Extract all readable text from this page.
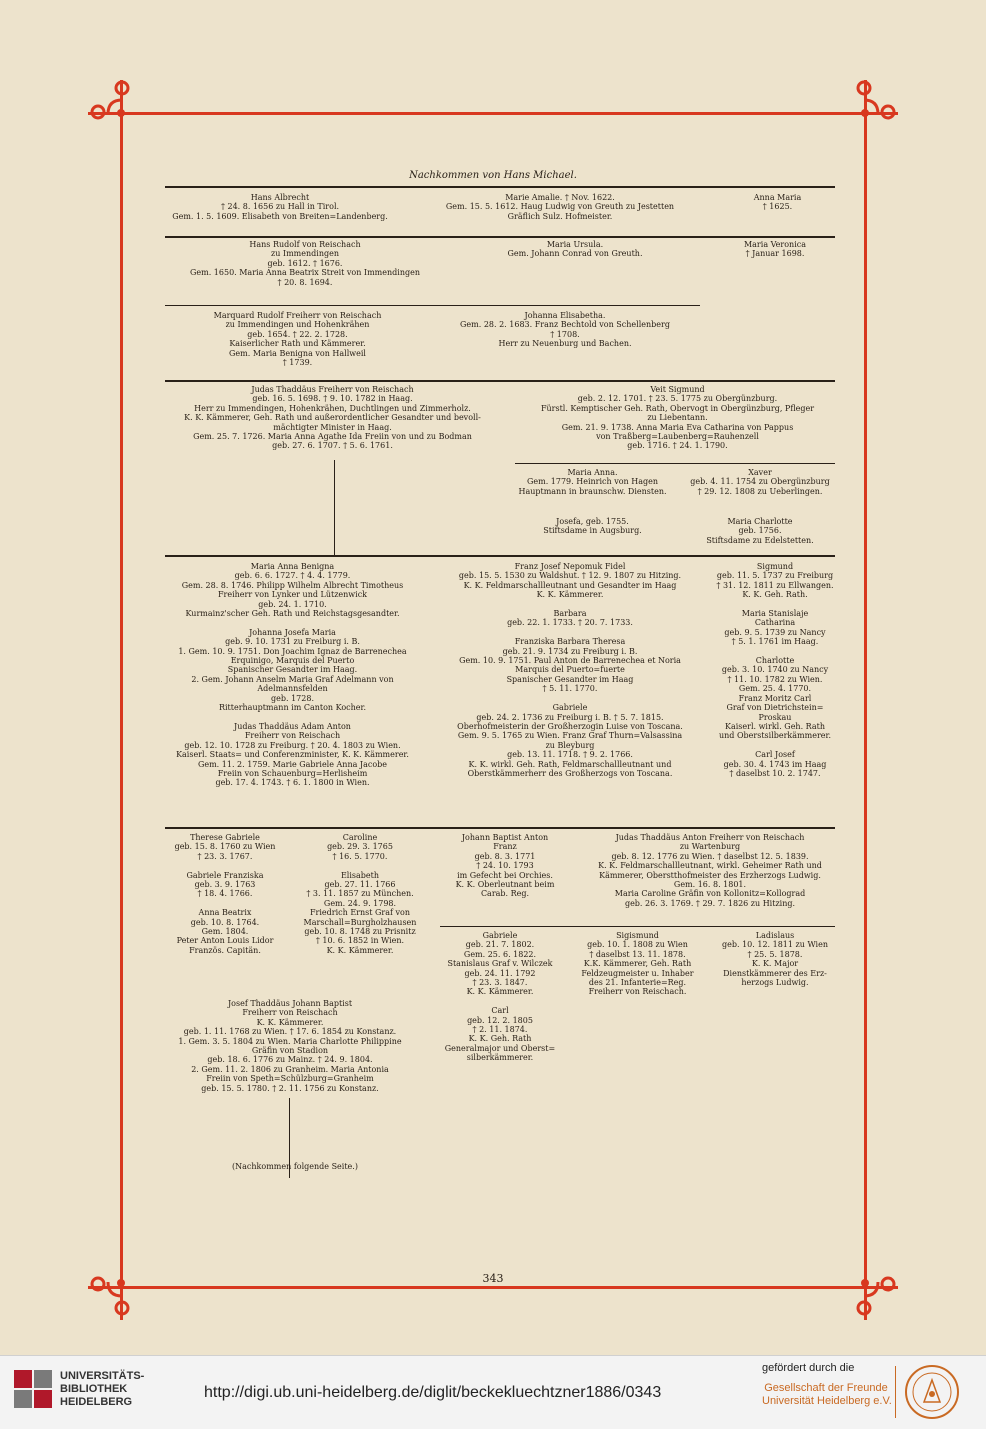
Nachkommen von Hans Michael.
Hans Albrecht
† 24. 8. 1656 zu Hall in Tirol.
Gem. 1. 5. 1609. Elisabeth von Breiten=Landenberg.
Marie Amalie. † Nov. 1622.
Gem. 15. 5. 1612. Haug Ludwig von Greuth zu Jestetten
Gräflich Sulz. Hofmeister.
Anna Maria
† 1625.
Hans Rudolf von Reischach
zu Immendingen
geb. 1612. † 1676.
Gem. 1650. Maria Anna Beatrix Streit von Immendingen
† 20. 8. 1694.
Maria Ursula.
Gem. Johann Conrad von Greuth.
Maria Veronica
† Januar 1698.
Marquard Rudolf Freiherr von Reischach
zu Immendingen und Hohenkrähen
geb. 1654. † 22. 2. 1728.
Kaiserlicher Rath und Kämmerer.
Gem. Maria Benigna von Hallweil
† 1739.
Johanna Elisabetha.
Gem. 28. 2. 1683. Franz Bechtold von Schellenberg
† 1708.
Herr zu Neuenburg und Bachen.
Judas Thaddäus Freiherr von Reischach
geb. 16. 5. 1698. † 9. 10. 1782 in Haag.
Herr zu Immendingen, Hohenkrähen, Duchtlingen und Zimmerholz.
K. K. Kämmerer, Geh. Rath und außerordentlicher Gesandter und bevoll-
mächtigter Minister in Haag.
Gem. 25. 7. 1726. Maria Anna Agathe Ida Freiin von und zu Bodman
geb. 27. 6. 1707. † 5. 6. 1761.
Veit Sigmund
geb. 2. 12. 1701. † 23. 5. 1775 zu Obergünzburg.
Fürstl. Kemptischer Geh. Rath, Obervogt in Obergünzburg, Pfleger
zu Liebentann.
Gem. 21. 9. 1738. Anna Maria Eva Catharina von Pappus
von Traßberg=Laubenberg=Rauhenzell
geb. 1716. † 24. 1. 1790.
Maria Anna.
Gem. 1779. Heinrich von Hagen
Hauptmann in braunschw. Diensten.
Xaver
geb. 4. 11. 1754 zu Obergünzburg
† 29. 12. 1808 zu Ueberlingen.
Josefa, geb. 1755.
Stiftsdame in Augsburg.
Maria Charlotte
geb. 1756.
Stiftsdame zu Edelstetten.
Maria Anna Benigna
geb. 6. 6. 1727. † 4. 4. 1779.
Gem. 28. 8. 1746. Philipp Wilhelm Albrecht Timotheus
Freiherr von Lynker und Lützenwick
geb. 24. 1. 1710.
Kurmainz'scher Geh. Rath und Reichstagsgesandter.

Johanna Josefa Maria
geb. 9. 10. 1731 zu Freiburg i. B.
1. Gem. 10. 9. 1751. Don Joachim Ignaz de Barrenechea
Erquinigo, Marquis del Puerto
Spanischer Gesandter im Haag.
2. Gem. Johann Anselm Maria Graf Adelmann von
Adelmannsfelden
geb. 1728.
Ritterhauptmann im Canton Kocher.

Judas Thaddäus Adam Anton
Freiherr von Reischach
geb. 12. 10. 1728 zu Freiburg. † 20. 4. 1803 zu Wien.
Kaiserl. Staats= und Conferenzminister, K. K. Kämmerer.
Gem. 11. 2. 1759. Marie Gabriele Anna Jacobe
Freiin von Schauenburg=Herlisheim
geb. 17. 4. 1743. † 6. 1. 1800 in Wien.
Franz Josef Nepomuk Fidel
geb. 15. 5. 1530 zu Waldshut. † 12. 9. 1807 zu Hitzing.
K. K. Feldmarschallleutnant und Gesandter im Haag
K. K. Kämmerer.

Barbara
geb. 22. 1. 1733. † 20. 7. 1733.

Franziska Barbara Theresa
geb. 21. 9. 1734 zu Freiburg i. B.
Gem. 10. 9. 1751. Paul Anton de Barrenechea et Noria
Marquis del Puerto=fuerte
Spanischer Gesandter im Haag
† 5. 11. 1770.

Gabriele
geb. 24. 2. 1736 zu Freiburg i. B. † 5. 7. 1815.
Oberhofmeisterin der Großherzogin Luise von Toscana.
Gem. 9. 5. 1765 zu Wien. Franz Graf Thurn=Valsassina
zu Bleyburg
geb. 13. 11. 1718. † 9. 2. 1766.
K. K. wirkl. Geh. Rath, Feldmarschallleutnant und
Oberstkämmerherr des Großherzogs von Toscana.
Sigmund
geb. 11. 5. 1737 zu Freiburg
† 31. 12. 1811 zu Ellwangen.
K. K. Geh. Rath.

Maria Stanislaje
Catharina
geb. 9. 5. 1739 zu Nancy
† 5. 1. 1761 im Haag.

Charlotte
geb. 3. 10. 1740 zu Nancy
† 11. 10. 1782 zu Wien.
Gem. 25. 4. 1770.
Franz Moritz Carl
Graf von Dietrichstein=
Proskau
Kaiserl. wirkl. Geh. Rath
und Oberstsilberkämmerer.

Carl Josef
geb. 30. 4. 1743 im Haag
† daselbst 10. 2. 1747.
Therese Gabriele
geb. 15. 8. 1760 zu Wien
† 23. 3. 1767.

Gabriele Franziska
geb. 3. 9. 1763
† 18. 4. 1766.

Anna Beatrix
geb. 10. 8. 1764.
Gem. 1804.
Peter Anton Louis Lidor
Französ. Capitän.
Caroline
geb. 29. 3. 1765
† 16. 5. 1770.

Elisabeth
geb. 27. 11. 1766
† 3. 11. 1857 zu München.
Gem. 24. 9. 1798.
Friedrich Ernst Graf von
Marschall=Burgholzhausen
geb. 10. 8. 1748 zu Prisnitz
† 10. 6. 1852 in Wien.
K. K. Kämmerer.
Josef Thaddäus Johann Baptist
Freiherr von Reischach
K. K. Kämmerer.
geb. 1. 11. 1768 zu Wien. † 17. 6. 1854 zu Konstanz.
1. Gem. 3. 5. 1804 zu Wien. Maria Charlotte Philippine
Gräfin von Stadion
geb. 18. 6. 1776 zu Mainz. † 24. 9. 1804.
2. Gem. 11. 2. 1806 zu Granheim. Maria Antonia
Freiin von Speth=Schülzburg=Granheim
geb. 15. 5. 1780. † 2. 11. 1756 zu Konstanz.
Johann Baptist Anton
Franz
geb. 8. 3. 1771
† 24. 10. 1793
im Gefecht bei Orchies.
K. K. Oberleutnant beim
Carab. Reg.
Judas Thaddäus Anton Freiherr von Reischach
zu Wartenburg
geb. 8. 12. 1776 zu Wien. † daselbst 12. 5. 1839.
K. K. Feldmarschallleutnant, wirkl. Geheimer Rath und
Kämmerer, Oberstthofmeister des Erzherzogs Ludwig.
Gem. 16. 8. 1801.
Maria Caroline Gräfin von Kollonitz=Kollograd
geb. 26. 3. 1769. † 29. 7. 1826 zu Hitzing.
Gabriele
geb. 21. 7. 1802.
Gem. 25. 6. 1822.
Stanislaus Graf v. Wilczek
geb. 24. 11. 1792
† 23. 3. 1847.
K. K. Kämmerer.

Carl
geb. 12. 2. 1805
† 2. 11. 1874.
K. K. Geh. Rath
Generalmajor und Oberst=
silberkämmerer.
Sigismund
geb. 10. 1. 1808 zu Wien
† daselbst 13. 11. 1878.
K.K. Kämmerer, Geh. Rath
Feldzeugmeister u. Inhaber
des 21. Infanterie=Reg.
Freiherr von Reischach.
Ladislaus
geb. 10. 12. 1811 zu Wien
† 25. 5. 1878.
K. K. Major
Dienstkämmerer des Erz-
herzogs Ludwig.
(Nachkommen folgende Seite.)
343
UNIVERSITÄTS-
BIBLIOTHEK
HEIDELBERG
http://digi.ub.uni-heidelberg.de/diglit/beckekluechtzner1886/0343
gefördert durch die
Gesellschaft der Freunde
Universität Heidelberg e.V.
